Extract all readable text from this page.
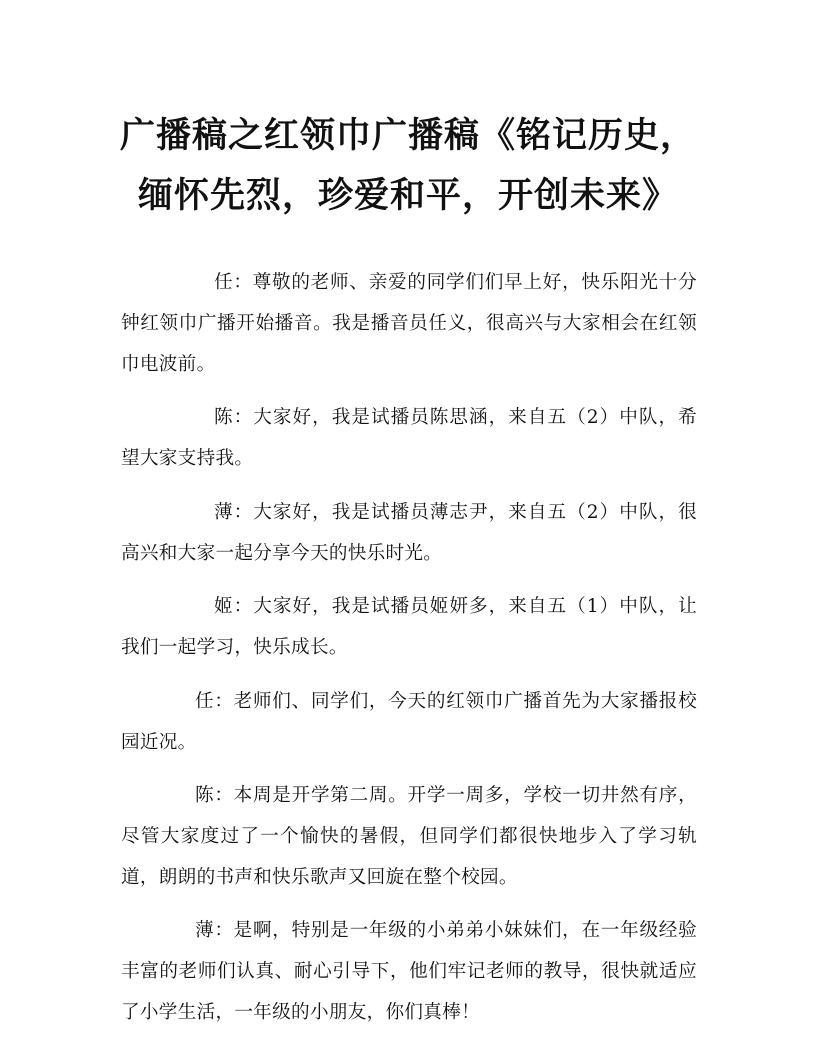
广播稿之红领巾广播稿《铭记历史，缅怀先烈，珍爱和平，开创未来》

任：尊敬的老师、亲爱的同学们们早上好，快乐阳光十分钟红领巾广播开始播音。我是播音员任义，很高兴与大家相会在红领巾电波前。

陈：大家好，我是试播员陈思涵，来自五（2）中队，希望大家支持我。

薄：大家好，我是试播员薄志尹，来自五（2）中队，很高兴和大家一起分享今天的快乐时光。

姬：大家好，我是试播员姬妍多，来自五（1）中队，让我们一起学习，快乐成长。

任：老师们、同学们，今天的红领巾广播首先为大家播报校园近况。

陈：本周是开学第二周。开学一周多，学校一切井然有序，尽管大家度过了一个愉快的暑假，但同学们都很快地步入了学习轨道，朗朗的书声和快乐歌声又回旋在整个校园。

薄：是啊，特别是一年级的小弟弟小妹妹们，在一年级经验丰富的老师们认真、耐心引导下，他们牢记老师的教导，很快就适应了小学生活，一年级的小朋友，你们真棒！
